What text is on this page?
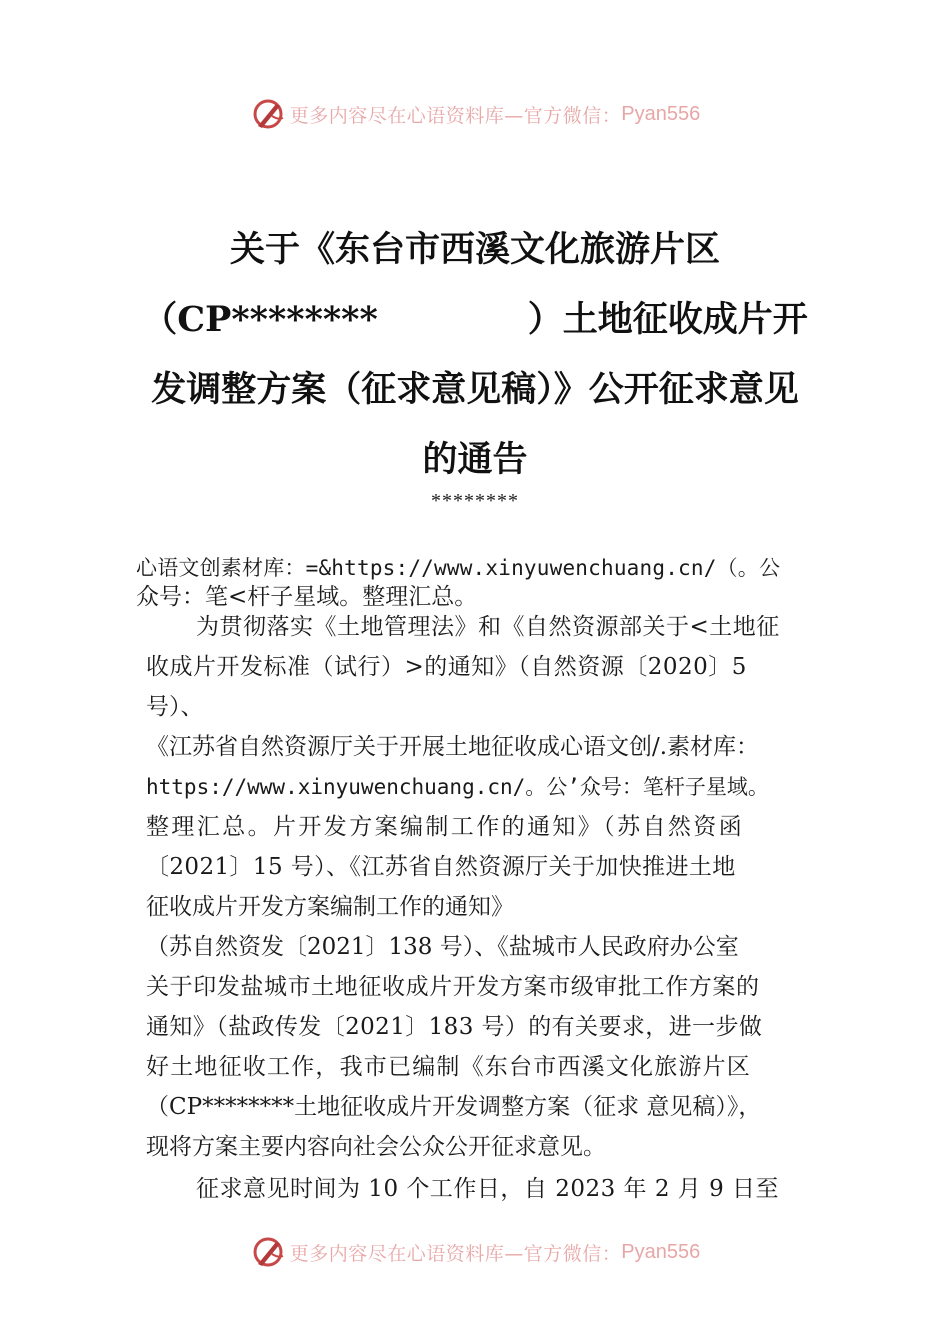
更多内容尽在心语资料库—官方微信： Pyan556
关于《东台市西溪文化旅游片区
（CP********	）土地征收成片开
发调整方案（征求意见稿）》公开征求意见
的通告
********
心语文创素材库：=&https://www.xinyuwenchuang.cn/（。公
众号：笔<杆子星域。整理汇总。
为贯彻落实《土地管理法》和《自然资源部关于<土地征
收成片开发标准（试行）>的通知》（自然资源〔2020〕5
号）、
《江苏省自然资源厅关于开展土地征收成心语文创/.素材库：
https://www.xinyuwenchuang.cn/。公’众号：笔杆子星域。
整理汇总。片开发方案编制工作的通知》（苏自然资函
〔2021〕15 号）、《江苏省自然资源厅关于加快推进土地
征收成片开发方案编制工作的通知》
（苏自然资发〔2021〕138 号）、《盐城市人民政府办公室
关于印发盐城市土地征收成片开发方案市级审批工作方案的
通知》（盐政传发〔2021〕183 号）的有关要求，进一步做
好土地征收工作，我市已编制《东台市西溪文化旅游片区
（CP********土地征收成片开发调整方案（征求 意见稿）》，
现将方案主要内容向社会公众公开征求意见。
征求意见时间为 10 个工作日，自 2023 年 2 月 9 日至
更多内容尽在心语资料库—官方微信： Pyan556
